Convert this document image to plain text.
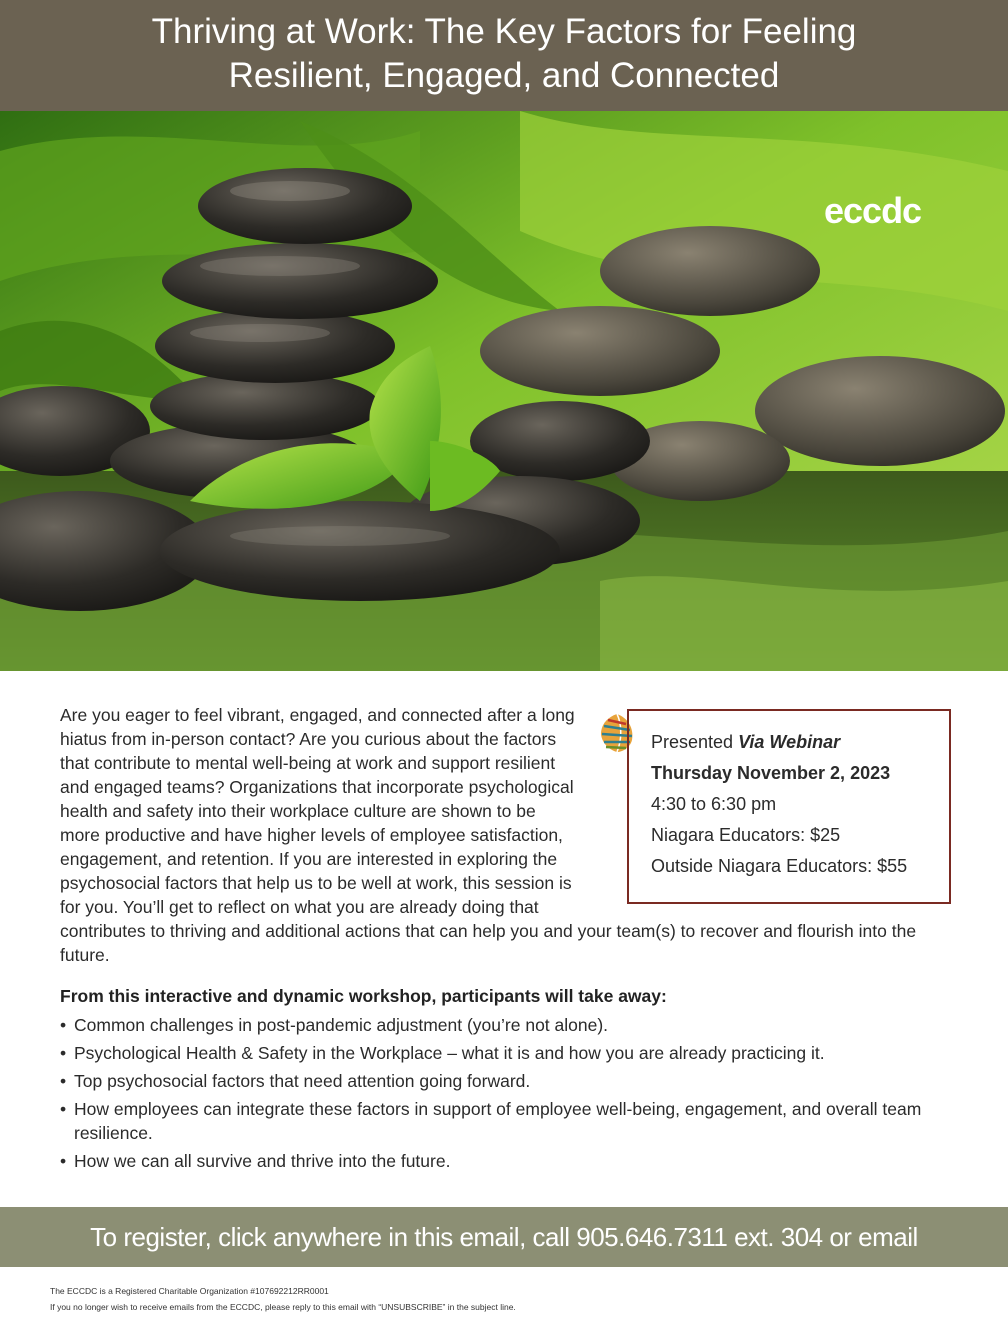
Thriving at Work: The Key Factors for Feeling
Resilient, Engaged, and Connected
eccdc

Are you eager to feel vibrant, engaged, and connected after a long hiatus from in-person contact? Are you curious about the factors that contribute to mental well-being at work and support resilient and engaged teams? Organizations that incorporate psychological health and safety into their workplace culture are shown to be more productive and have higher levels of employee satisfaction, engagement, and retention. If you are interested in exploring the psychosocial factors that help us to be well at work, this session is for you. You’ll get to reflect on what you are already doing that contributes to thriving and additional actions that can help you and your team(s) to recover and flourish into the future.

Presented Via Webinar
Thursday November 2, 2023
4:30 to 6:30 pm
Niagara Educators: $25
Outside Niagara Educators: $55
From this interactive and dynamic workshop, participants will take away:
• Common challenges in post-pandemic adjustment (you’re not alone).
• Psychological Health & Safety in the Workplace – what it is and how you are already practicing it.
• Top psychosocial factors that need attention going forward.
• How employees can integrate these factors in support of employee well-being, engagement, and overall team resilience.
• How we can all survive and thrive into the future.
To register, click anywhere in this email, call 905.646.7311 ext. 304 or email eccdc@eccdc.org
The ECCDC is a Registered Charitable Organization #107692212RR0001
If you no longer wish to receive emails from the ECCDC, please reply to this email with “UNSUBSCRIBE” in the subject line.
